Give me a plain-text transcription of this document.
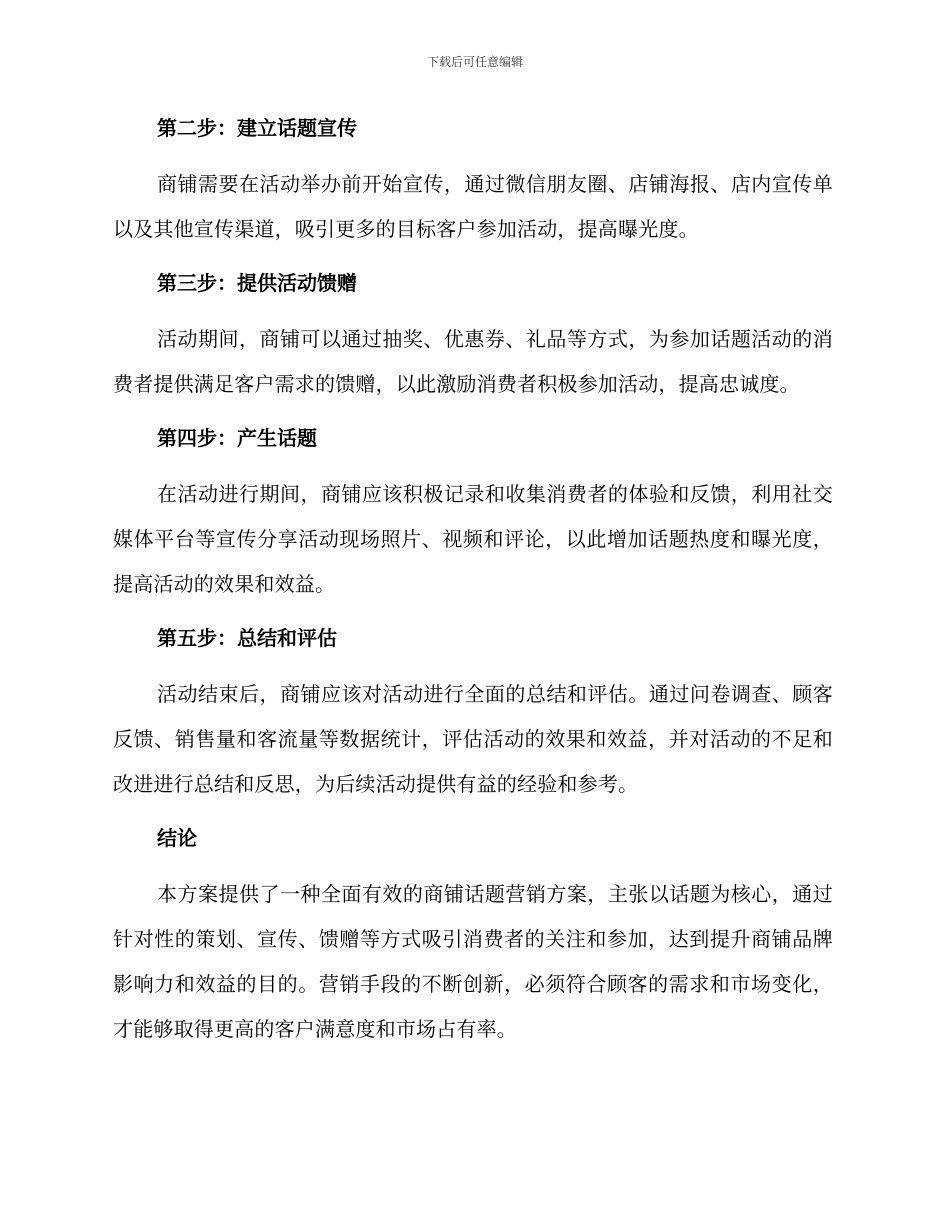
下载后可任意编辑
第二步：建立话题宣传

商铺需要在活动举办前开始宣传，通过微信朋友圈、店铺海报、店内宣传单以及其他宣传渠道，吸引更多的目标客户参加活动，提高曝光度。

第三步：提供活动馈赠

活动期间，商铺可以通过抽奖、优惠券、礼品等方式，为参加话题活动的消费者提供满足客户需求的馈赠，以此激励消费者积极参加活动，提高忠诚度。

第四步：产生话题

在活动进行期间，商铺应该积极记录和收集消费者的体验和反馈，利用社交媒体平台等宣传分享活动现场照片、视频和评论，以此增加话题热度和曝光度，提高活动的效果和效益。

第五步：总结和评估

活动结束后，商铺应该对活动进行全面的总结和评估。通过问卷调查、顾客反馈、销售量和客流量等数据统计，评估活动的效果和效益，并对活动的不足和改进进行总结和反思，为后续活动提供有益的经验和参考。

结论

本方案提供了一种全面有效的商铺话题营销方案，主张以话题为核心，通过针对性的策划、宣传、馈赠等方式吸引消费者的关注和参加，达到提升商铺品牌影响力和效益的目的。营销手段的不断创新，必须符合顾客的需求和市场变化，才能够取得更高的客户满意度和市场占有率。
